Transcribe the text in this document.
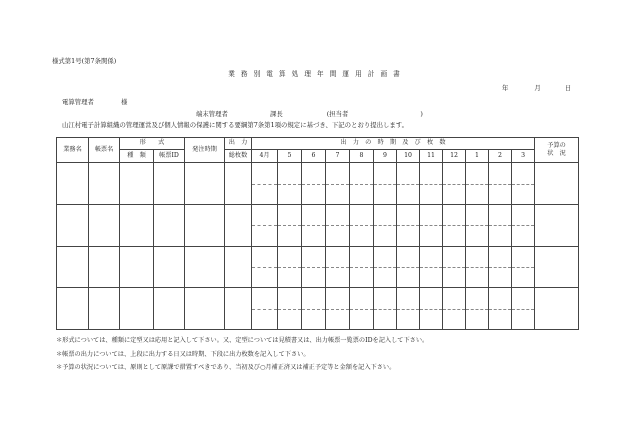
様式第1号(第7条関係)
業 務 別 電 算 処 理 年 間 運 用 計 画 書
年	月	日
電算管理者	様
端末管理者	課長	(担当者	)
山江村電子計算組織の管理運営及び個人情報の保護に関する要綱第7条第1項の規定に基づき、下記のとおり提出します。
業務名	帳票名	形　　式		発注時期	出　力	出　力　の　時　期　及　び　枚　数												予算の
状　況
		種　類	帳票ID		総枚数	4月	5	6	7	8	9	10	11	12	1	2	3	

＊形式については、種類に定型又は応用と記入して下さい。又、定型については見積書又は、出力帳票一覧票のIDを記入して下さい。
＊帳票の出力については、上段に出力する日又は時期、下段に出力枚数を記入して下さい。
＊予算の状況については、原則として原課で措置すべきであり、当初及び○月補正済又は補正予定等と金額を記入下さい。
